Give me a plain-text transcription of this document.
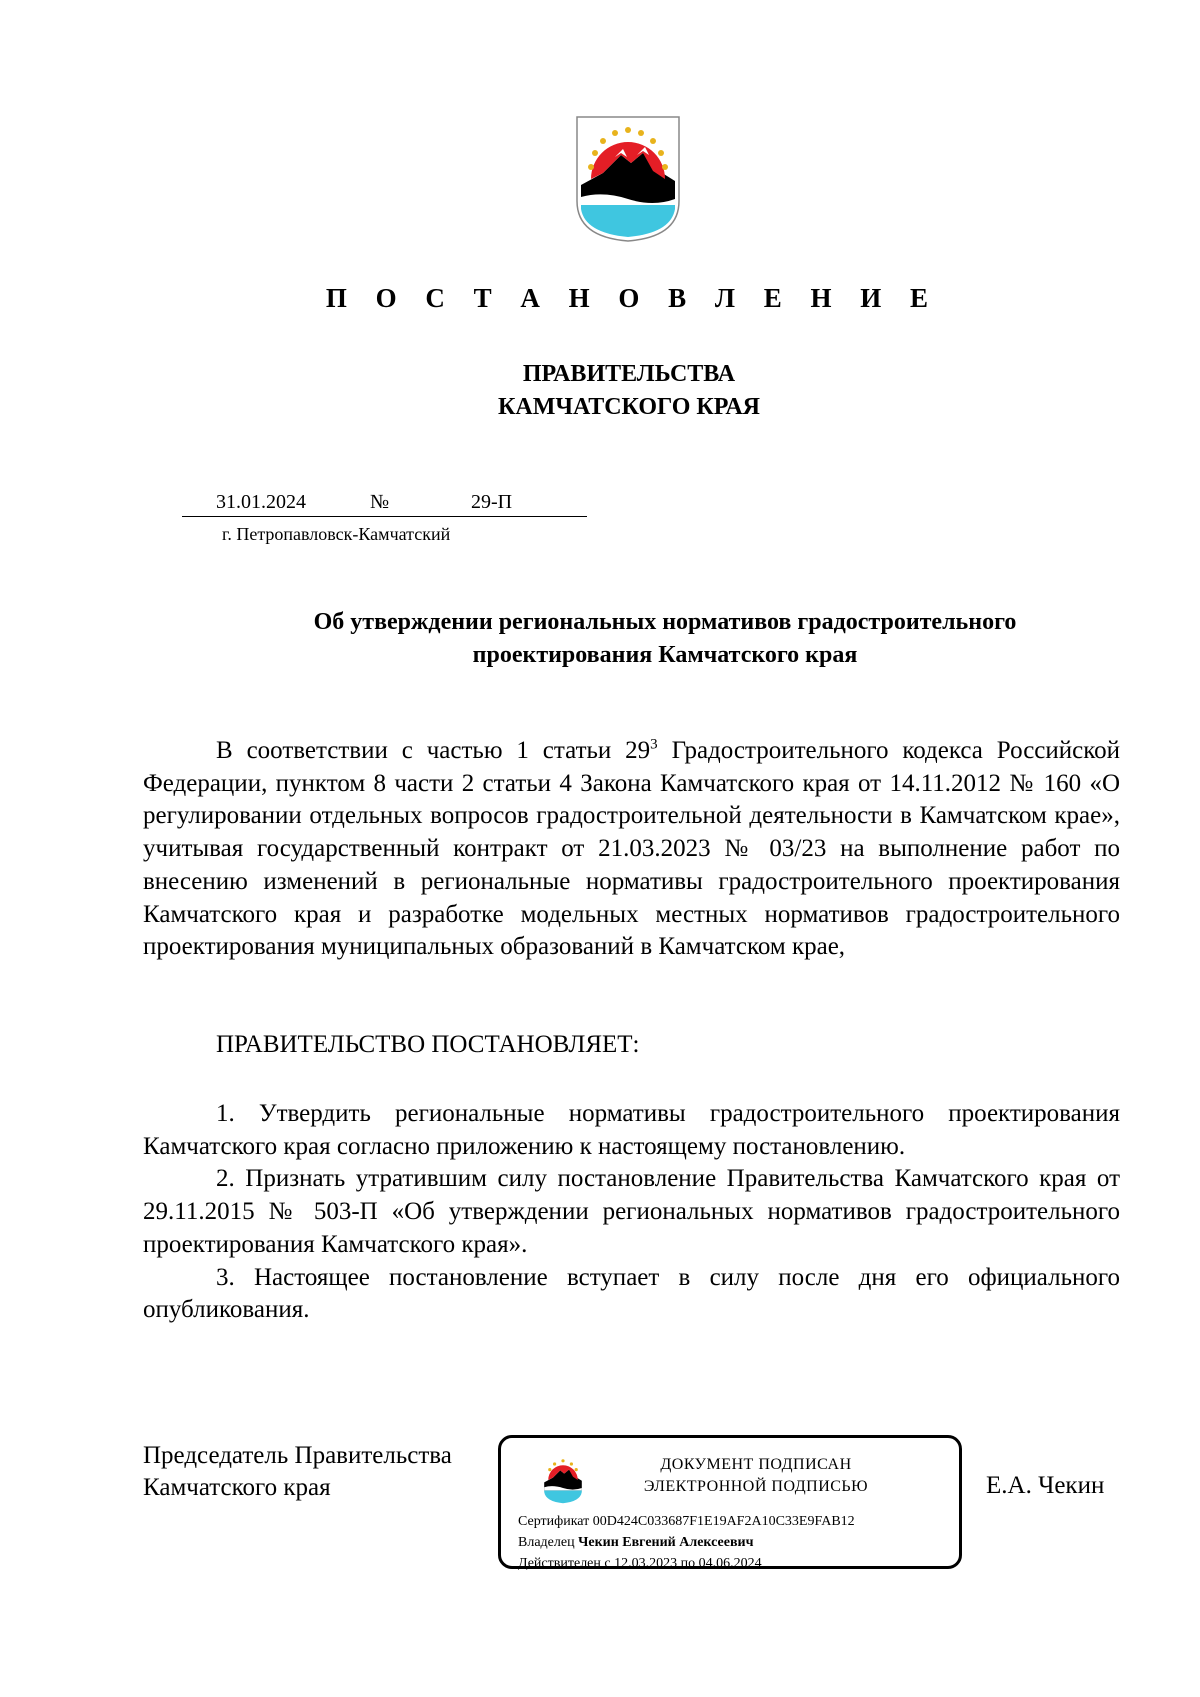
П О С Т А Н О В Л Е Н И Е
ПРАВИТЕЛЬСТВА
КАМЧАТСКОГО КРАЯ
31.01.2024	№	29-П
г. Петропавловск-Камчатский
Об утверждении региональных нормативов градостроительного
проектирования Камчатского края

В соответствии с частью 1 статьи $29^3$ Градостроительного кодекса Российской Федерации, пунктом 8 части 2 статьи 4 Закона Камчатского края от 14.11.2012 № 160 «О регулировании отдельных вопросов градостроительной деятельности в Камчатском крае», учитывая государственный контракт от 21.03.2023 № 03/23 на выполнение работ по внесению изменений в региональные нормативы градостроительного проектирования Камчатского края и разработке модельных местных нормативов градостроительного проектирования муниципальных образований в Камчатском крае,

ПРАВИТЕЛЬСТВО ПОСТАНОВЛЯЕТ:

1. Утвердить региональные нормативы градостроительного проектирования Камчатского края согласно приложению к настоящему постановлению.

2. Признать утратившим силу постановление Правительства Камчатского края от 29.11.2015 № 503-П «Об утверждении региональных нормативов градостроительного проектирования Камчатского края».

3. Настоящее постановление вступает в силу после дня его официального опубликования.

Председатель Правительства
Камчатского края
ДОКУМЕНТ ПОДПИСАН
ЭЛЕКТРОННОЙ ПОДПИСЬЮ
Сертификат 00D424C033687F1E19AF2A10C33E9FAB12
Владелец Чекин Евгений Алексеевич
Действителен с 12.03.2023 по 04.06.2024
Е.А. Чекин
